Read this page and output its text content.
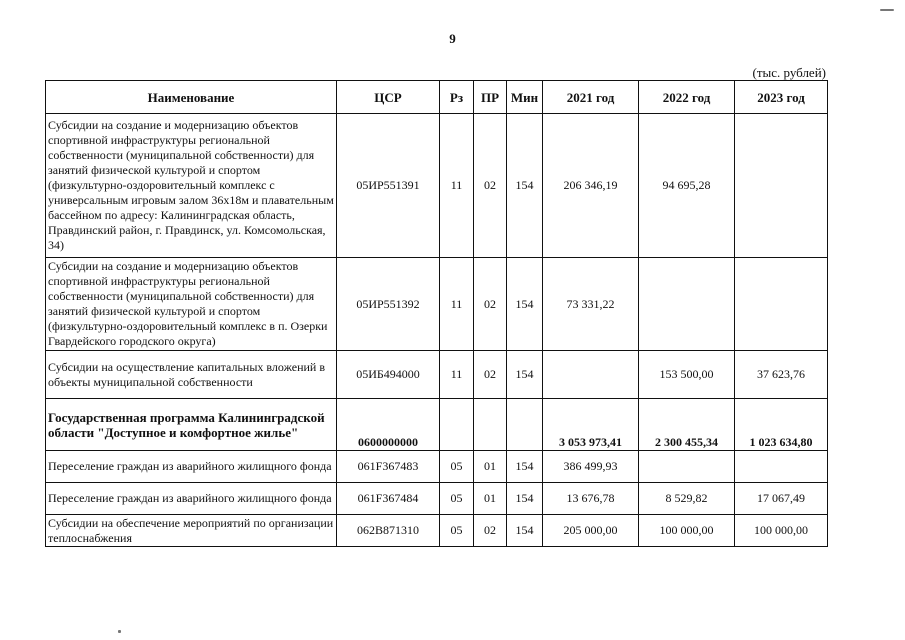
9
(тыс. рублей)
Наименование	ЦСР	Рз	ПР	Мин	2021 год	2022 год	2023 год
Субсидии на создание и модернизацию объектов спортивной инфраструктуры региональной собственности (муниципальной собственности) для занятий физической культурой и спортом (физкультурно-оздоровительный комплекс с универсальным игровым залом 36х18м и плавательным бассейном по адресу: Калининградская область, Правдинский район, г. Правдинск, ул. Комсомольская, 34)	05ИР551391	11	02	154	206 346,19	94 695,28	
Субсидии на создание и модернизацию объектов спортивной инфраструктуры региональной собственности (муниципальной собственности) для занятий физической культурой и спортом (физкультурно-оздоровительный комплекс в п. Озерки Гвардейского городского округа)	05ИР551392	11	02	154	73 331,22		
Субсидии на осуществление капитальных вложений в объекты муниципальной собственности	05ИБ494000	11	02	154		153 500,00	37 623,76
Государственная программа Калининградской области "Доступное и комфортное жилье"	0600000000				3 053 973,41	2 300 455,34	1 023 634,80
Переселение граждан из аварийного жилищного фонда	061F367483	05	01	154	386 499,93		
Переселение граждан из аварийного жилищного фонда	061F367484	05	01	154	13 676,78	8 529,82	17 067,49
Субсидии на обеспечение мероприятий по организации теплоснабжения	062B871310	05	02	154	205 000,00	100 000,00	100 000,00
